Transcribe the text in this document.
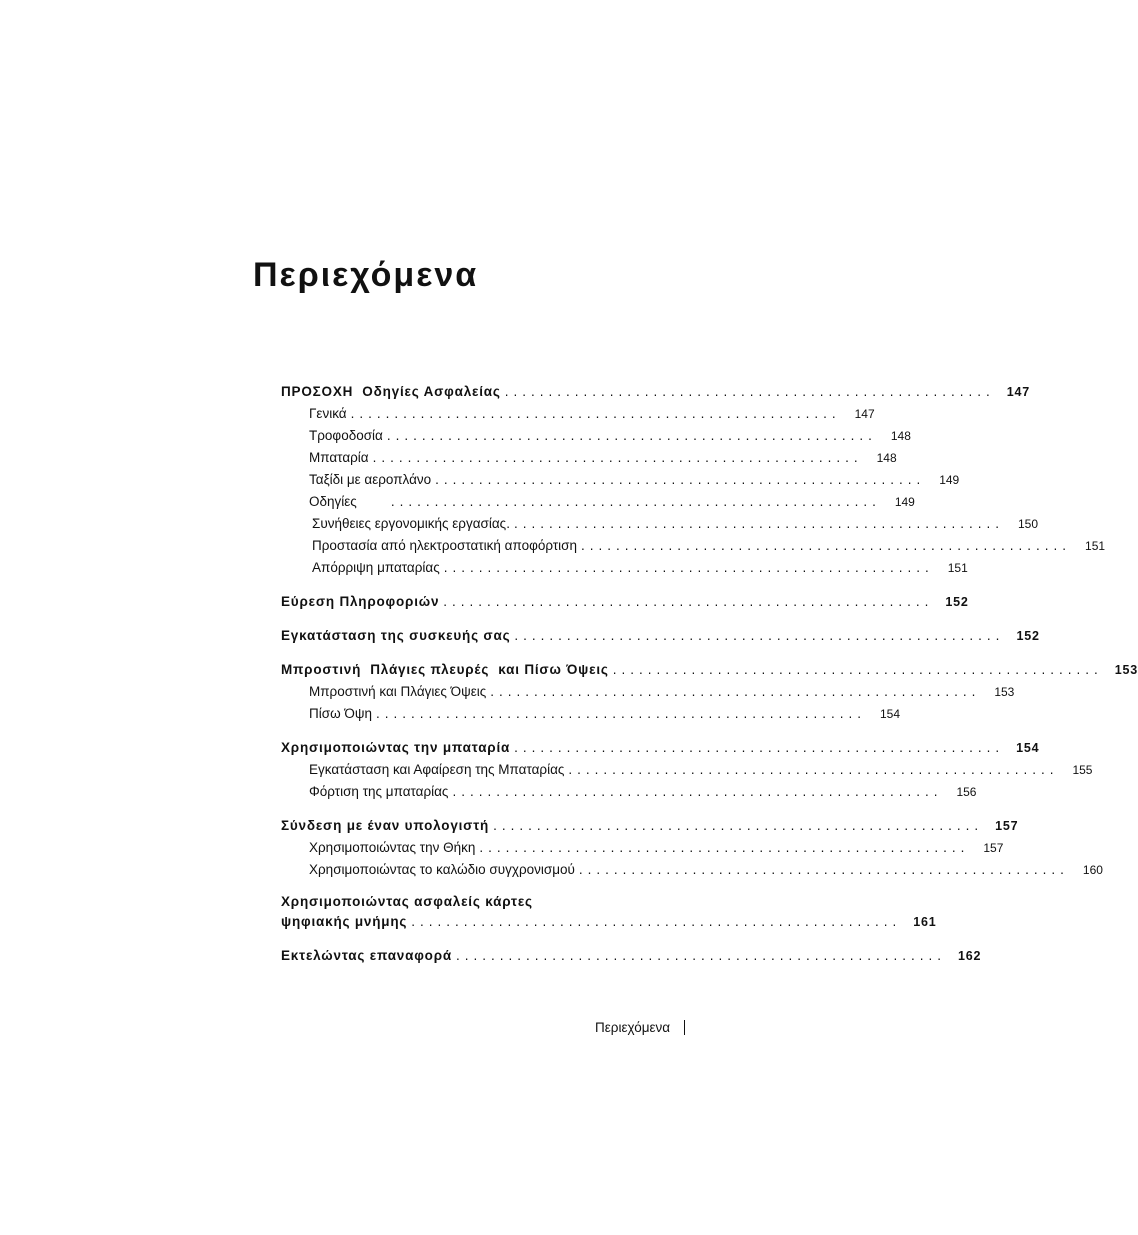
Περιεχόμενα
ΠΡΟΣΟΧΗ  Οδηγίες Ασφαλείας ........................................................ 147
Γενικά ........................................................ 147
Τροφοδοσία ........................................................ 148
Μπαταρία ........................................................ 148
Ταξίδι με αεροπλάνο ........................................................ 149
Οδηγίες	........................................................ 149
Συνήθειες εργονομικής εργασίας. ........................................................ 150
Προστασία από ηλεκτροστατική αποφόρτιση ........................................................ 151
Απόρριψη μπαταρίας ........................................................ 151
Εύρεση Πληροφοριών ........................................................ 152
Εγκατάσταση της συσκευής σας ........................................................ 152
Μπροστινή  Πλάγιες πλευρές  και Πίσω Όψεις ........................................................ 153
Μπροστινή και Πλάγιες Όψεις ........................................................ 153
Πίσω Όψη ........................................................ 154
Χρησιμοποιώντας την μπαταρία ........................................................ 154
Εγκατάσταση και Αφαίρεση της Μπαταρίας ........................................................ 155
Φόρτιση της μπαταρίας ........................................................ 156
Σύνδεση με έναν υπολογιστή ........................................................ 157
Χρησιμοποιώντας την Θήκη ........................................................ 157
Χρησιμοποιώντας το καλώδιο συγχρονισμού ........................................................ 160
Χρησιμοποιώντας ασφαλείς κάρτες
ψηφιακής μνήμης ........................................................ 161
Εκτελώντας επαναφορά ........................................................ 162
Περιεχόμενα
